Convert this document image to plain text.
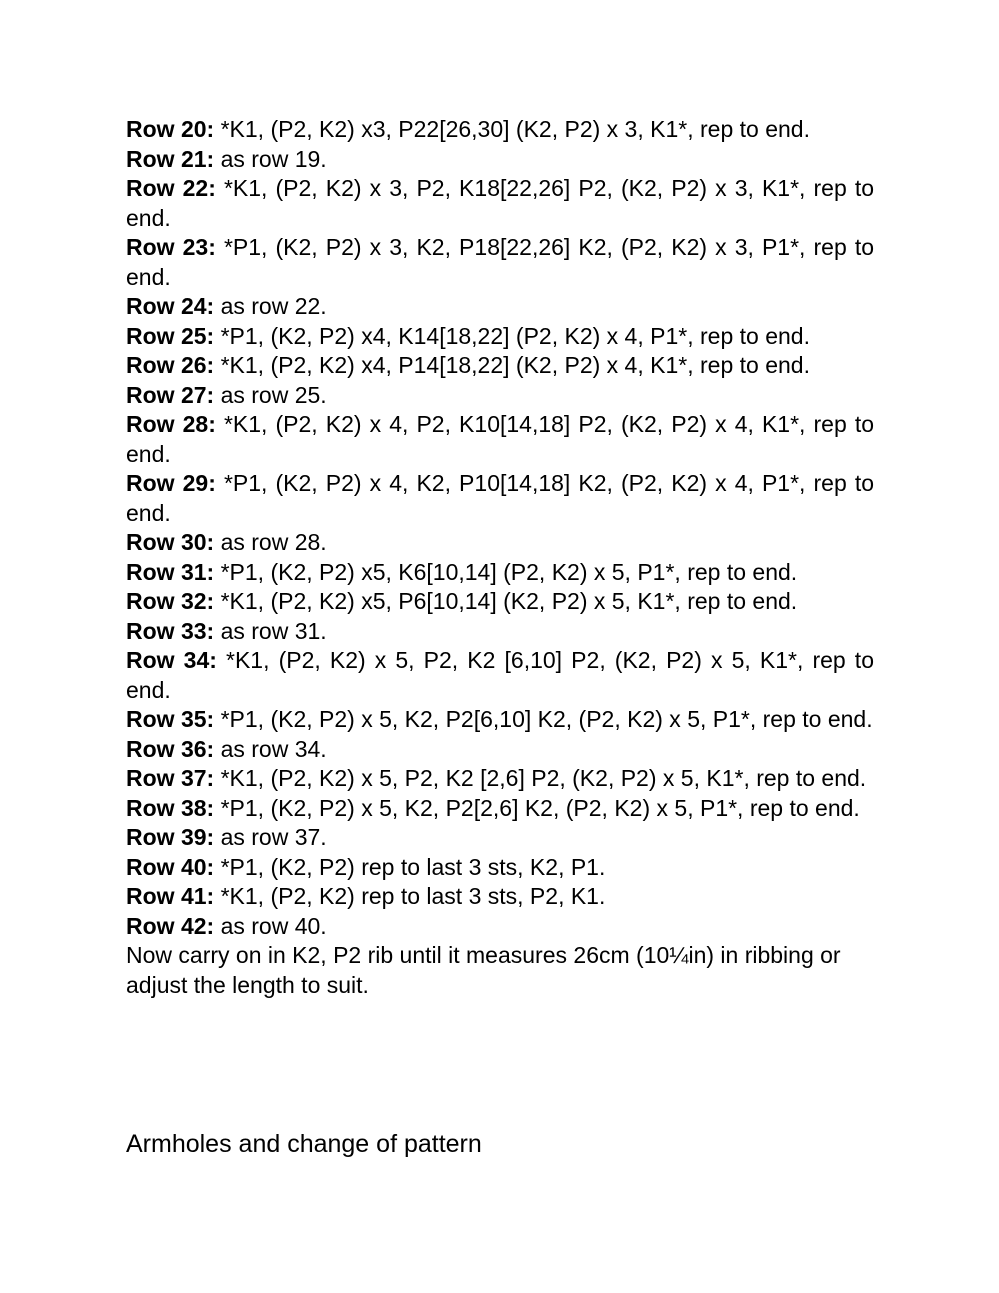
Row 20: *K1, (P2, K2) x3, P22[26,30] (K2, P2) x 3, K1*, rep to end.

Row 21: as row 19.

Row 22: *K1, (P2, K2) x 3, P2, K18[22,26] P2, (K2, P2) x 3, K1*, rep to end.

Row 23: *P1, (K2, P2) x 3, K2, P18[22,26] K2, (P2, K2) x 3, P1*, rep to end.

Row 24: as row 22.

Row 25: *P1, (K2, P2) x4, K14[18,22] (P2, K2) x 4, P1*, rep to end.

Row 26: *K1, (P2, K2) x4, P14[18,22] (K2, P2) x 4, K1*, rep to end.

Row 27: as row 25.

Row 28: *K1, (P2, K2) x 4, P2, K10[14,18] P2, (K2, P2) x 4, K1*, rep to end.

Row 29: *P1, (K2, P2) x 4, K2, P10[14,18] K2, (P2, K2) x 4, P1*, rep to end.

Row 30: as row 28.

Row 31: *P1, (K2, P2) x5, K6[10,14] (P2, K2) x 5, P1*, rep to end.

Row 32: *K1, (P2, K2) x5, P6[10,14] (K2, P2) x 5, K1*, rep to end.

Row 33: as row 31.

Row 34: *K1, (P2, K2) x 5, P2, K2 [6,10] P2, (K2, P2) x 5, K1*, rep to end.

Row 35: *P1, (K2, P2) x 5, K2, P2[6,10] K2, (P2, K2) x 5, P1*, rep to end.

Row 36: as row 34.

Row 37: *K1, (P2, K2) x 5, P2, K2 [2,6] P2, (K2, P2) x 5, K1*, rep to end.

Row 38: *P1, (K2, P2) x 5, K2, P2[2,6] K2, (P2, K2) x 5, P1*, rep to end.

Row 39: as row 37.

Row 40: *P1, (K2, P2) rep to last 3 sts, K2, P1.

Row 41: *K1, (P2, K2) rep to last 3 sts, P2, K1.

Row 42: as row 40.

Now carry on in K2, P2 rib until it measures 26cm (10¼in) in ribbing or adjust the length to suit.

Armholes and change of pattern
